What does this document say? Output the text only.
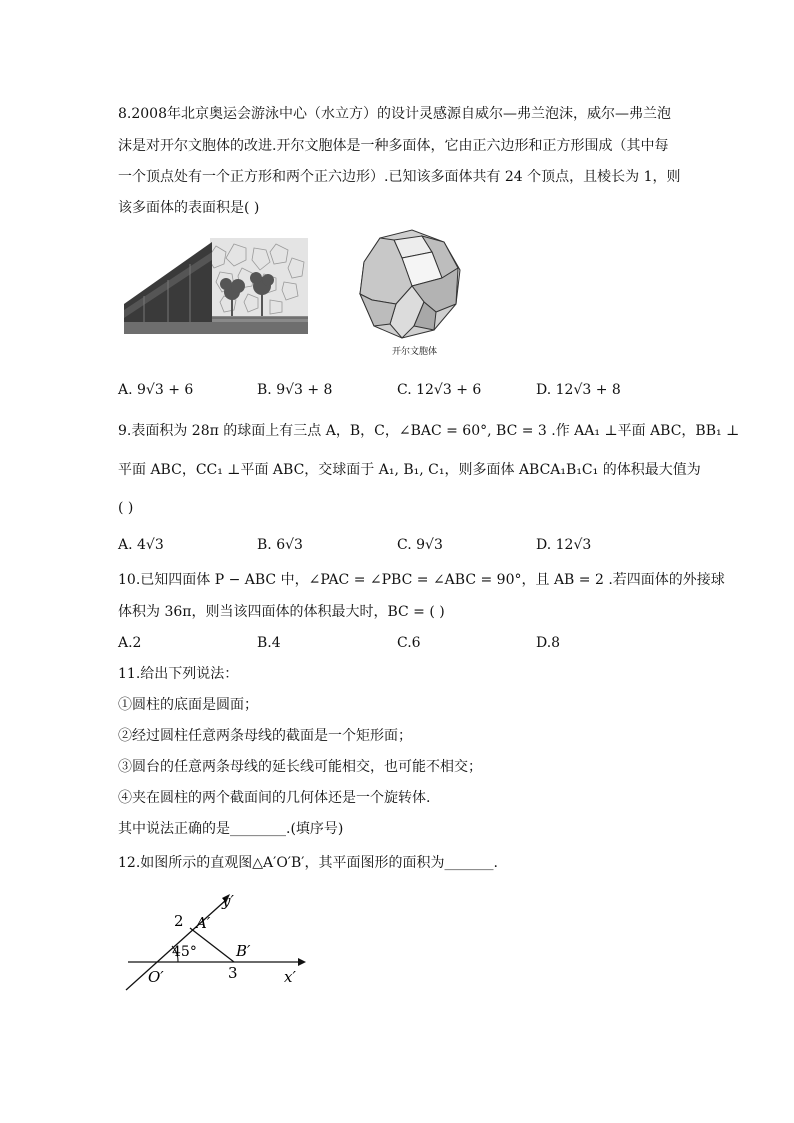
8.2008年北京奥运会游泳中心（水立方）的设计灵感源自威尔—弗兰泡沫，威尔—弗兰泡
沫是对开尔文胞体的改进.开尔文胞体是一种多面体，它由正六边形和正方形围成（其中每
一个顶点处有一个正方形和两个正六边形）.已知该多面体共有 24 个顶点，且棱长为 1，则
该多面体的表面积是( )
开尔文胞体
A. 9√3 + 6	B. 9√3 + 8	C. 12√3 + 6	D. 12√3 + 8
9.表面积为 28π 的球面上有三点 A，B，C，∠BAC = 60°, BC = 3 .作 AA₁ ⊥平面 ABC，BB₁ ⊥
平面 ABC，CC₁ ⊥平面 ABC，交球面于 A₁, B₁, C₁，则多面体 ABCA₁B₁C₁ 的体积最大值为
( )
A. 4√3	B. 6√3	C. 9√3	D. 12√3
10.已知四面体 P − ABC 中，∠PAC = ∠PBC = ∠ABC = 90°，且 AB = 2 .若四面体的外接球
体积为 36π，则当该四面体的体积最大时，BC = ( )
A.2	B.4	C.6	D.8
11.给出下列说法：
①圆柱的底面是圆面；
②经过圆柱任意两条母线的截面是一个矩形面；
③圆台的任意两条母线的延长线可能相交，也可能不相交；
④夹在圆柱的两个截面间的几何体还是一个旋转体.
其中说法正确的是________.(填序号)
12.如图所示的直观图△A′O′B′，其平面图形的面积为_______.
y′
x′
O′
A′
B′
2
3
45°
